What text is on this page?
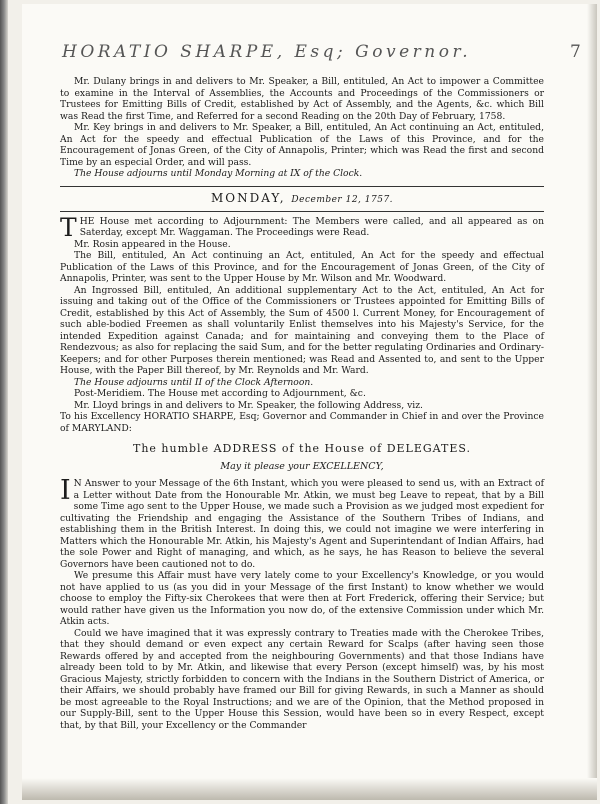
HORATIO SHARPE, Esq; Governor.	7

Mr. Dulany brings in and delivers to Mr. Speaker, a Bill, entituled, An Act to impower a Committee to examine in the Interval of Assemblies, the Accounts and Proceedings of the Commissioners or Trustees for Emitting Bills of Credit, established by Act of Assembly, and the Agents, &c. which Bill was Read the first Time, and Referred for a second Reading on the 20th Day of February, 1758.

Mr. Key brings in and delivers to Mr. Speaker, a Bill, entituled, An Act continuing an Act, entituled, An Act for the speedy and effectual Publication of the Laws of this Province, and for the Encouragement of Jonas Green, of the City of Annapolis, Printer; which was Read the first and second Time by an especial Order, and will pass.

The House adjourns until Monday Morning at IX of the Clock.

MONDAY, December 12, 1757.

T HE House met according to Adjournment: The Members were called, and all appeared as on Saterday, except Mr. Waggaman. The Proceedings were Read.

Mr. Rosin appeared in the House.

The Bill, entituled, An Act continuing an Act, entituled, An Act for the speedy and effectual Publication of the Laws of this Province, and for the Encouragement of Jonas Green, of the City of Annapolis, Printer, was sent to the Upper House by Mr. Wilson and Mr. Woodward.

An Ingrossed Bill, entituled, An additional supplementary Act to the Act, entituled, An Act for issuing and taking out of the Office of the Commissioners or Trustees appointed for Emitting Bills of Credit, established by this Act of Assembly, the Sum of 4500 l. Current Money, for Encouragement of such able-bodied Freemen as shall voluntarily Enlist themselves into his Majesty's Service, for the intended Expedition against Canada; and for maintaining and conveying them to the Place of Rendezvous; as also for replacing the said Sum, and for the better regulating Ordinaries and Ordinary-Keepers; and for other Purposes therein mentioned; was Read and Assented to, and sent to the Upper House, with the Paper Bill thereof, by Mr. Reynolds and Mr. Ward.

The House adjourns until II of the Clock Afternoon.

Post-Meridiem. The House met according to Adjournment, &c.

Mr. Lloyd brings in and delivers to Mr. Speaker, the following Address, viz.

To his Excellency HORATIO SHARPE, Esq; Governor and Commander in Chief in and over the Province of MARYLAND:

The humble ADDRESS of the House of DELEGATES.
May it please your EXCELLENCY,

I N Answer to your Message of the 6th Instant, which you were pleased to send us, with an Extract of a Letter without Date from the Honourable Mr. Atkin, we must beg Leave to repeat, that by a Bill some Time ago sent to the Upper House, we made such a Provision as we judged most expedient for cultivating the Friendship and engaging the Assistance of the Southern Tribes of Indians, and establishing them in the British Interest. In doing this, we could not imagine we were interfering in Matters which the Honourable Mr. Atkin, his Majesty's Agent and Superintendant of Indian Affairs, had the sole Power and Right of managing, and which, as he says, he has Reason to believe the several Governors have been cautioned not to do.

We presume this Affair must have very lately come to your Excellency's Knowledge, or you would not have applied to us (as you did in your Message of the first Instant) to know whether we would choose to employ the Fifty-six Cherokees that were then at Fort Frederick, offering their Service; but would rather have given us the Information you now do, of the extensive Commission under which Mr. Atkin acts.

Could we have imagined that it was expressly contrary to Treaties made with the Cherokee Tribes, that they should demand or even expect any certain Reward for Scalps (after having seen those Rewards offered by and accepted from the neighbouring Governments) and that those Indians have already been told to by Mr. Atkin, and likewise that every Person (except himself) was, by his most Gracious Majesty, strictly forbidden to concern with the Indians in the Southern District of America, or their Affairs, we should probably have framed our Bill for giving Rewards, in such a Manner as should be most agreeable to the Royal Instructions; and we are of the Opinion, that the Method proposed in our Supply-Bill, sent to the Upper House this Session, would have been so in every Respect, except that, by that Bill, your Excellency or the Commander
